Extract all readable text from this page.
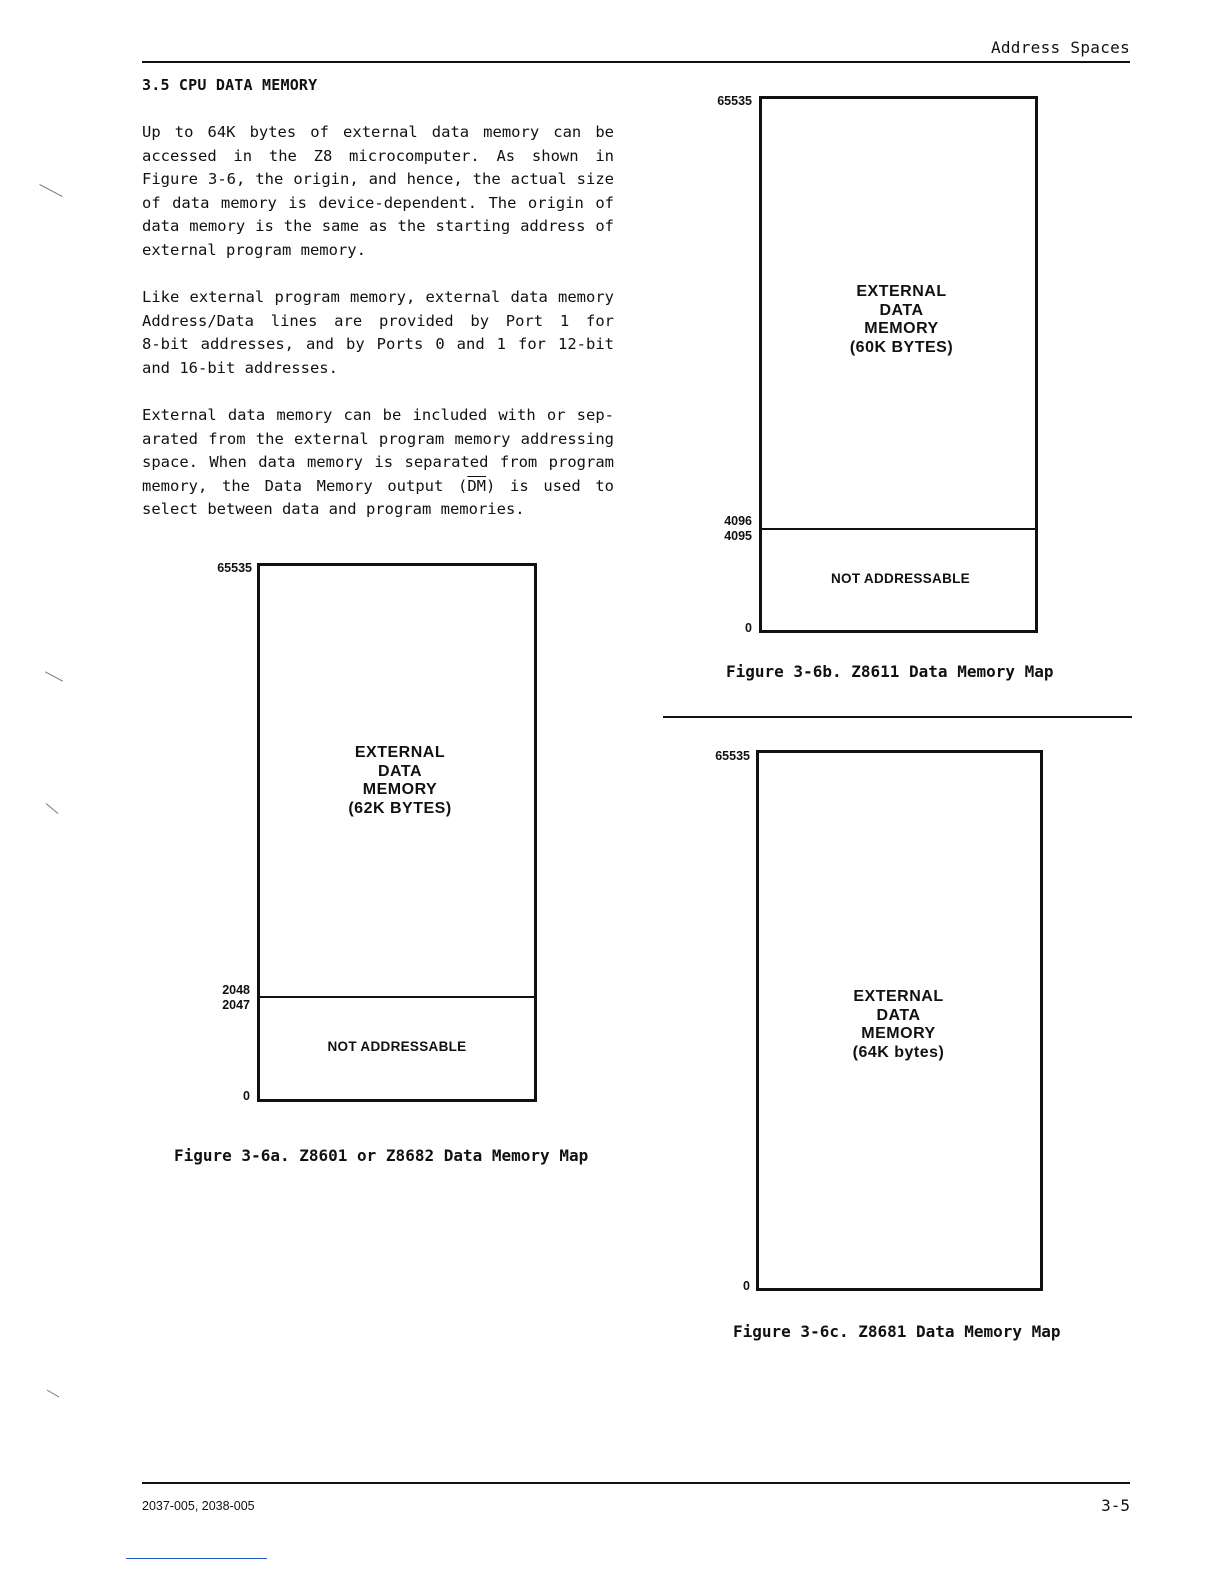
Address Spaces
3.5 CPU DATA MEMORY
Up to 64K bytes of external data memory can be
accessed in the Z8 microcomputer. As shown in
Figure 3-6, the origin, and hence, the actual size
of data memory is device-dependent. The origin of
data memory is the same as the starting address of
external program memory.
Like external program memory, external data memory
Address/Data lines are provided by Port 1 for
8-bit addresses, and by Ports 0 and 1 for 12-bit
and 16-bit addresses.
External data memory can be included with or sep-
arated from the external program memory addressing
space. When data memory is separated from program
memory, the Data Memory output $(\overline{DM})$ is used to
select between data and program memories.
65535
2048
2047
0
EXTERNAL
DATA
MEMORY
(62K BYTES)
NOT ADDRESSABLE
Figure 3-6a. Z8601 or Z8682 Data Memory Map
65535
4096
4095
0
EXTERNAL
DATA
MEMORY
(60K BYTES)
NOT ADDRESSABLE
Figure 3-6b. Z8611 Data Memory Map
65535
0
EXTERNAL
DATA
MEMORY
(64K bytes)
Figure 3-6c. Z8681 Data Memory Map
2037-005, 2038-005	3-5
